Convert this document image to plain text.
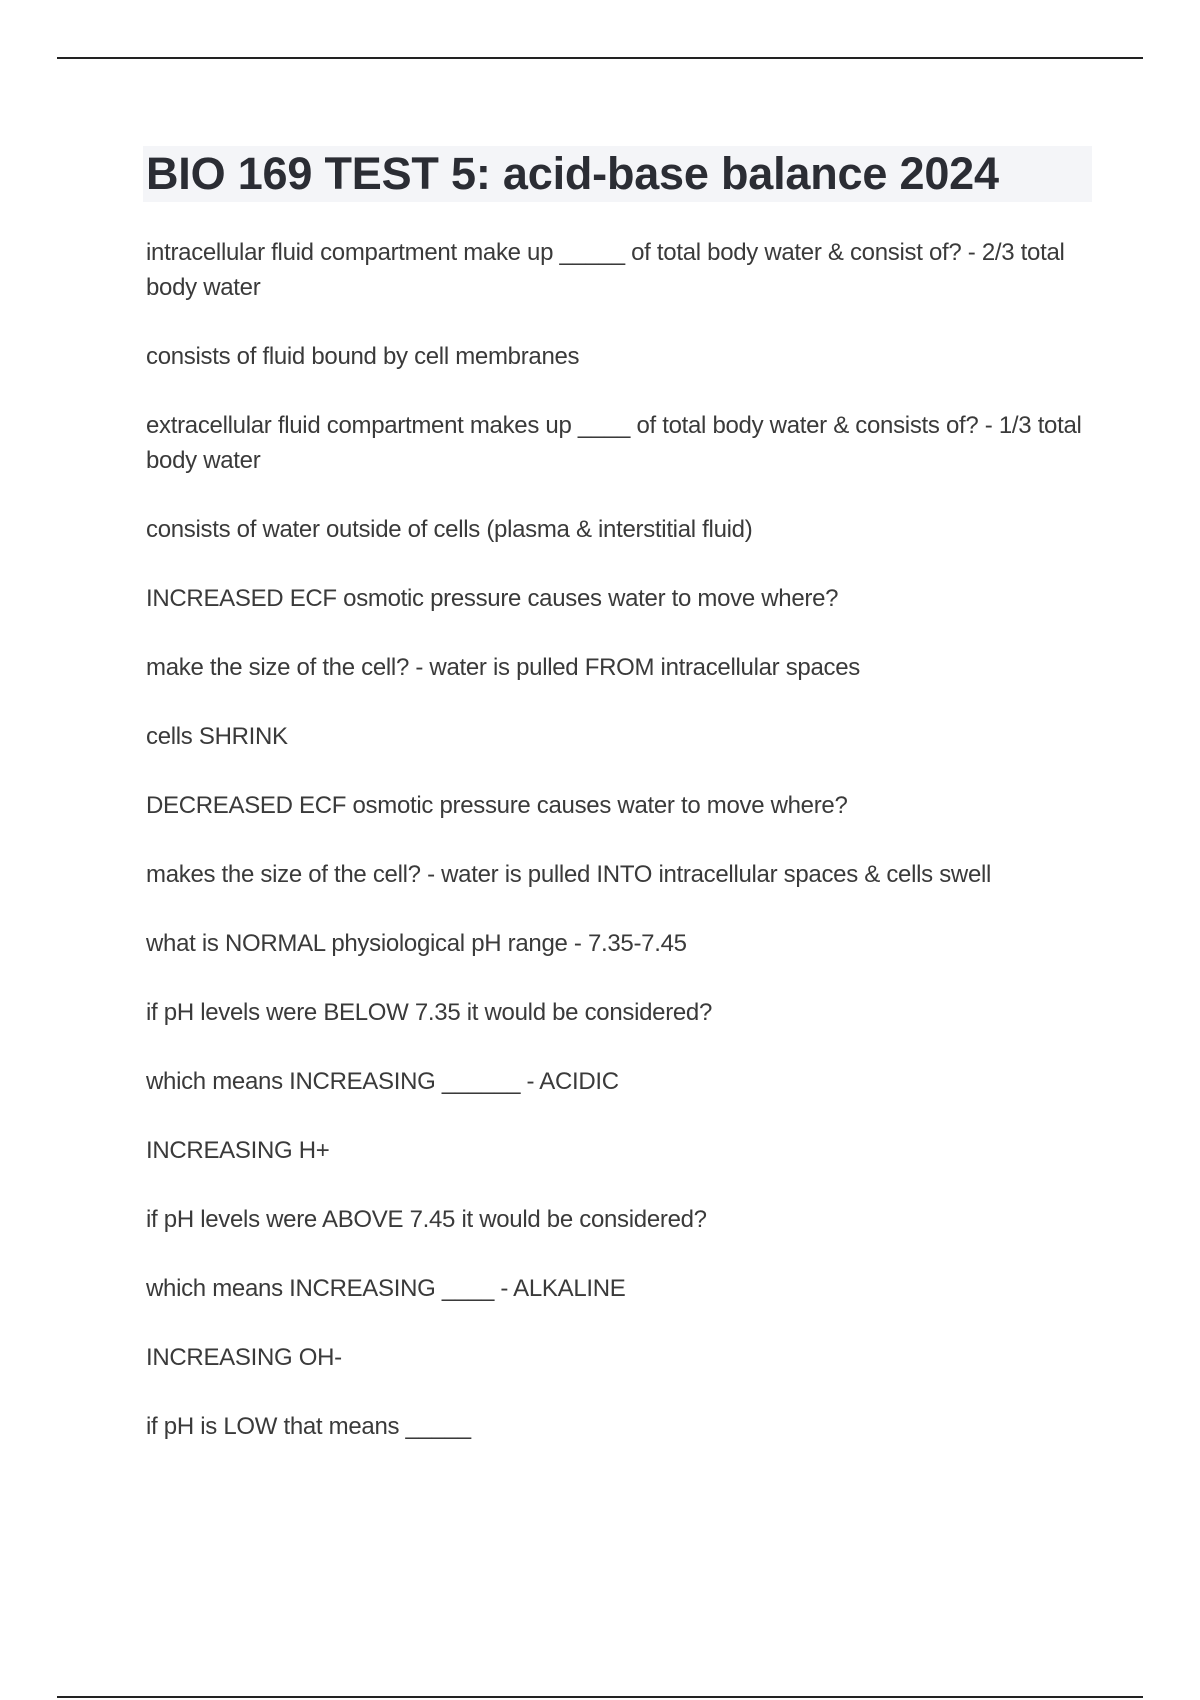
BIO 169 TEST 5: acid-base balance 2024

intracellular fluid compartment make up _____ of total body water & consist of? - 2/3 total body water

consists of fluid bound by cell membranes

extracellular fluid compartment makes up ____ of total body water & consists of? - 1/3 total body water

consists of water outside of cells (plasma & interstitial fluid)

INCREASED ECF osmotic pressure causes water to move where?

make the size of the cell? - water is pulled FROM intracellular spaces

cells SHRINK

DECREASED ECF osmotic pressure causes water to move where?

makes the size of the cell? - water is pulled INTO intracellular spaces & cells swell

what is NORMAL physiological pH range - 7.35-7.45

if pH levels were BELOW 7.35 it would be considered?

which means INCREASING ______ - ACIDIC

INCREASING H+

if pH levels were ABOVE 7.45 it would be considered?

which means INCREASING ____ - ALKALINE

INCREASING OH-

if pH is LOW that means _____
